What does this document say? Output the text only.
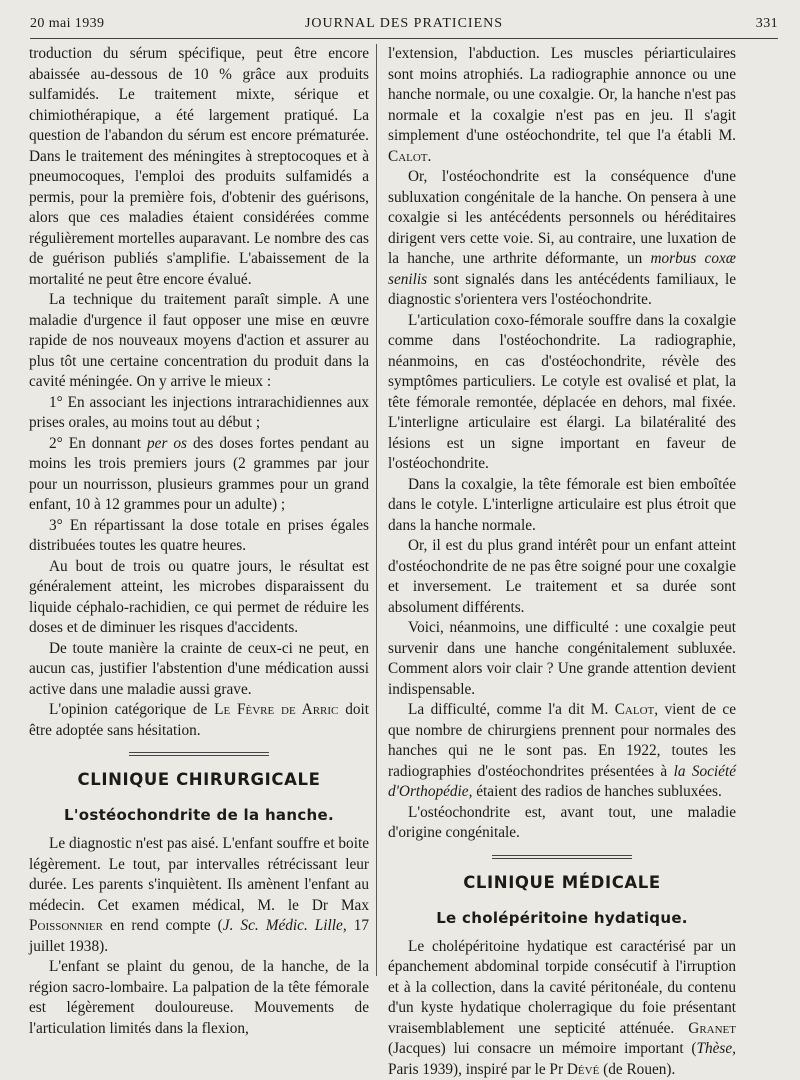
20 mai 1939	JOURNAL DES PRATICIENS	331

troduction du sérum spécifique, peut être encore abaissée au-dessous de 10 % grâce aux produits sulfamidés. Le traitement mixte, sérique et chimiothérapique, a été largement pratiqué. La question de l'abandon du sérum est encore prématurée. Dans le traitement des méningites à streptocoques et à pneumocoques, l'emploi des produits sulfamidés a permis, pour la première fois, d'obtenir des guérisons, alors que ces maladies étaient considérées comme régulièrement mortelles auparavant. Le nombre des cas de guérison publiés s'amplifie. L'abaissement de la mortalité ne peut être encore évalué.

La technique du traitement paraît simple. A une maladie d'urgence il faut opposer une mise en œuvre rapide de nos nouveaux moyens d'action et assurer au plus tôt une certaine concentration du produit dans la cavité méningée. On y arrive le mieux :

1° En associant les injections intrarachidiennes aux prises orales, au moins tout au début ;

2° En donnant per os des doses fortes pendant au moins les trois premiers jours (2 grammes par jour pour un nourrisson, plusieurs grammes pour un grand enfant, 10 à 12 grammes pour un adulte) ;

3° En répartissant la dose totale en prises égales distribuées toutes les quatre heures.

Au bout de trois ou quatre jours, le résultat est généralement atteint, les microbes disparaissent du liquide céphalo-rachidien, ce qui permet de réduire les doses et de diminuer les risques d'accidents.

De toute manière la crainte de ceux-ci ne peut, en aucun cas, justifier l'abstention d'une médication aussi active dans une maladie aussi grave.

L'opinion catégorique de Le Fèvre de Arric doit être adoptée sans hésitation.

CLINIQUE CHIRURGICALE
L'ostéochondrite de la hanche.

Le diagnostic n'est pas aisé. L'enfant souffre et boite légèrement. Le tout, par intervalles rétrécissant leur durée. Les parents s'inquiètent. Ils amènent l'enfant au médecin. Cet examen médical, M. le Dr Max Poissonnier en rend compte (J. Sc. Médic. Lille, 17 juillet 1938).

L'enfant se plaint du genou, de la hanche, de la région sacro-lombaire. La palpation de la tête fémorale est légèrement douloureuse. Mouvements de l'articulation limités dans la flexion,

l'extension, l'abduction. Les muscles périarticulaires sont moins atrophiés. La radiographie annonce ou une hanche normale, ou une coxalgie. Or, la hanche n'est pas normale et la coxalgie n'est pas en jeu. Il s'agit simplement d'une ostéochondrite, tel que l'a établi M. Calot.

Or, l'ostéochondrite est la conséquence d'une subluxation congénitale de la hanche. On pensera à une coxalgie si les antécédents personnels ou héréditaires dirigent vers cette voie. Si, au contraire, une luxation de la hanche, une arthrite déformante, un morbus coxæ senilis sont signalés dans les antécédents familiaux, le diagnostic s'orientera vers l'ostéochondrite.

L'articulation coxo-fémorale souffre dans la coxalgie comme dans l'ostéochondrite. La radiographie, néanmoins, en cas d'ostéochondrite, révèle des symptômes particuliers. Le cotyle est ovalisé et plat, la tête fémorale remontée, déplacée en dehors, mal fixée. L'interligne articulaire est élargi. La bilatéralité des lésions est un signe important en faveur de l'ostéochondrite.

Dans la coxalgie, la tête fémorale est bien emboîtée dans le cotyle. L'interligne articulaire est plus étroit que dans la hanche normale.

Or, il est du plus grand intérêt pour un enfant atteint d'ostéochondrite de ne pas être soigné pour une coxalgie et inversement. Le traitement et sa durée sont absolument différents.

Voici, néanmoins, une difficulté : une coxalgie peut survenir dans une hanche congénitalement subluxée. Comment alors voir clair ? Une grande attention devient indispensable.

La difficulté, comme l'a dit M. Calot, vient de ce que nombre de chirurgiens prennent pour normales des hanches qui ne le sont pas. En 1922, toutes les radiographies d'ostéochondrites présentées à la Société d'Orthopédie, étaient des radios de hanches subluxées.

L'ostéochondrite est, avant tout, une maladie d'origine congénitale.

CLINIQUE MÉDICALE
Le cholépéritoine hydatique.

Le cholépéritoine hydatique est caractérisé par un épanchement abdominal torpide consécutif à l'irruption et à la collection, dans la cavité péritonéale, du contenu d'un kyste hydatique cholerragique du foie présentant vraisemblablement une septicité atténuée. Granet (Jacques) lui consacre un mémoire important (Thèse, Paris 1939), inspiré par le Pr Dévé (de Rouen).
